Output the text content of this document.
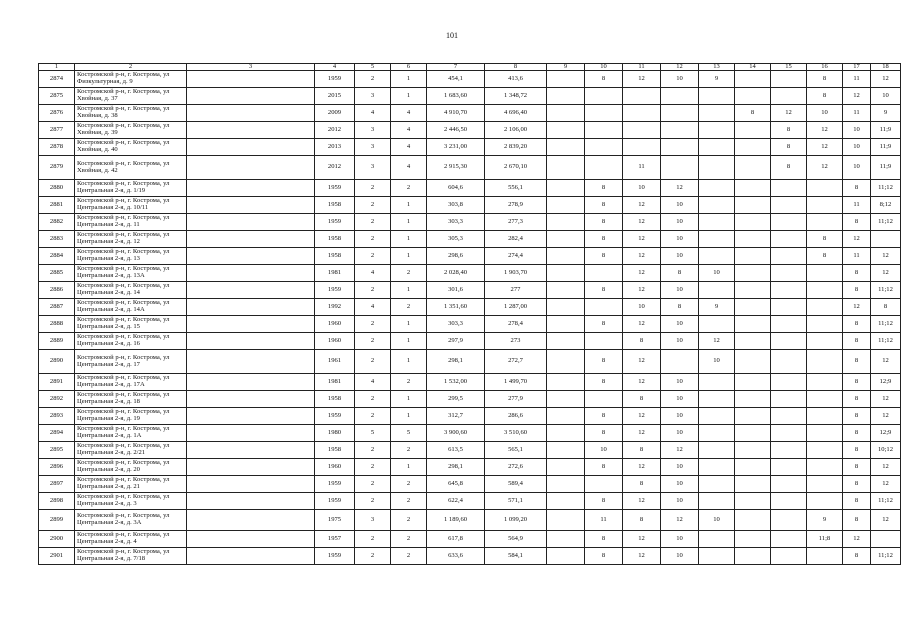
101
1	2	3	4	5	6	7	8	9	10	11	12	13	14	15	16	17	18
2874	Костромской р-н, г. Кострома, ул Физкультурная, д. 9		1959	2	1	454,1	413,6		8	12	10	9			8	11	12
2875	Костромской р-н, г. Кострома, ул Хвойная, д. 37		2015	3	1	1 683,60	1 348,72								8	12	10
2876	Костромской р-н, г. Кострома, ул Хвойная, д. 38		2009	4	4	4 910,70	4 696,40						8	12	10	11	9
2877	Костромской р-н, г. Кострома, ул Хвойная, д. 39		2012	3	4	2 446,50	2 106,00							8	12	10	11;9
2878	Костромской р-н, г. Кострома, ул Хвойная, д. 40		2013	3	4	3 231,00	2 839,20							8	12	10	11;9
2879	Костромской р-н, г. Кострома, ул Хвойная, д. 42		2012	3	4	2 915,30	2 670,10			11				8	12	10	11;9
2880	Костромской р-н, г. Кострома, ул Центральная 2-я, д. 1/19		1959	2	2	604,6	556,1		8	10	12					8	11;12
2881	Костромской р-н, г. Кострома, ул Центральная 2-я, д. 10/11		1958	2	1	303,8	278,9		8	12	10					11	8;12
2882	Костромской р-н, г. Кострома, ул Центральная 2-я, д. 11		1959	2	1	303,3	277,3		8	12	10					8	11;12
2883	Костромской р-н, г. Кострома, ул Центральная 2-я, д. 12		1958	2	1	305,3	282,4		8	12	10				8	12	
2884	Костромской р-н, г. Кострома, ул Центральная 2-я, д. 13		1958	2	1	298,6	274,4		8	12	10				8	11	12
2885	Костромской р-н, г. Кострома, ул Центральная 2-я, д. 13А		1981	4	2	2 028,40	1 903,70			12	8	10				8	12
2886	Костромской р-н, г. Кострома, ул Центральная 2-я, д. 14		1959	2	1	301,6	277		8	12	10					8	11;12
2887	Костромской р-н, г. Кострома, ул Центральная 2-я, д. 14А		1992	4	2	1 351,60	1 287,00			10	8	9				12	8
2888	Костромской р-н, г. Кострома, ул Центральная 2-я, д. 15		1960	2	1	303,3	278,4		8	12	10					8	11;12
2889	Костромской р-н, г. Кострома, ул Центральная 2-я, д. 16		1960	2	1	297,9	273			8	10	12				8	11;12
2890	Костромской р-н, г. Кострома, ул Центральная 2-я, д. 17		1961	2	1	298,1	272,7		8	12		10				8	12
2891	Костромской р-н, г. Кострома, ул Центральная 2-я, д. 17А		1981	4	2	1 532,00	1 499,70		8	12	10					8	12;9
2892	Костромской р-н, г. Кострома, ул Центральная 2-я, д. 18		1958	2	1	299,5	277,9			8	10					8	12
2893	Костромской р-н, г. Кострома, ул Центральная 2-я, д. 19		1959	2	1	312,7	286,6		8	12	10					8	12
2894	Костромской р-н, г. Кострома, ул Центральная 2-я, д. 1А		1980	5	5	3 900,60	3 510,60		8	12	10					8	12;9
2895	Костромской р-н, г. Кострома, ул Центральная 2-я, д. 2/21		1958	2	2	613,5	565,1		10	8	12					8	10;12
2896	Костромской р-н, г. Кострома, ул Центральная 2-я, д. 20		1960	2	1	298,1	272,6		8	12	10					8	12
2897	Костромской р-н, г. Кострома, ул Центральная 2-я, д. 21		1959	2	2	645,8	589,4			8	10					8	12
2898	Костромской р-н, г. Кострома, ул Центральная 2-я, д. 3		1959	2	2	622,4	571,1		8	12	10					8	11;12
2899	Костромской р-н, г. Кострома, ул Центральная 2-я, д. 3А		1975	3	2	1 189,60	1 099,20		11	8	12	10			9	8	12
2900	Костромской р-н, г. Кострома, ул Центральная 2-я, д. 4		1957	2	2	617,8	564,9		8	12	10				11;8	12	
2901	Костромской р-н, г. Кострома, ул Центральная 2-я, д. 7/18		1959	2	2	633,6	584,1		8	12	10					8	11;12
